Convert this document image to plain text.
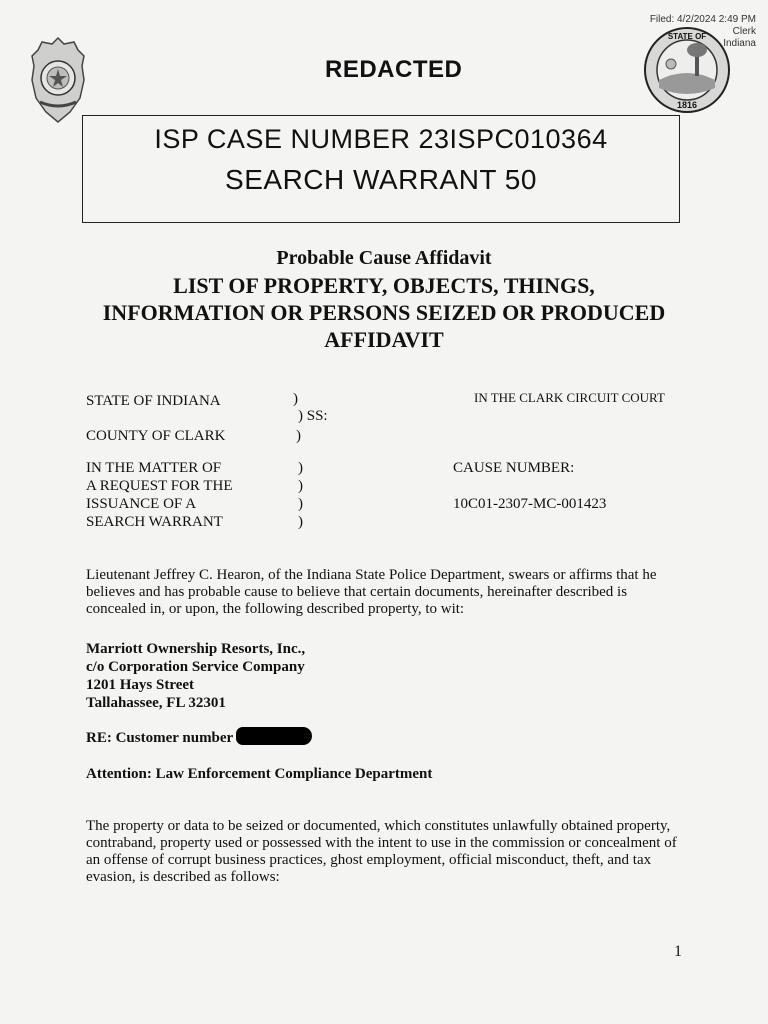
Filed: 4/2/2024 2:49 PM
Clerk
Indiana
STATE OF
1816
REDACTED
ISP CASE NUMBER 23ISPC010364
SEARCH WARRANT 50
Probable Cause Affidavit
LIST OF PROPERTY, OBJECTS, THINGS,
INFORMATION OR PERSONS SEIZED OR PRODUCED
AFFIDAVIT
STATE OF INDIANA	)
) SS:
COUNTY OF CLARK	)
IN THE CLARK CIRCUIT COURT
IN THE MATTER OF
A REQUEST FOR THE
ISSUANCE OF A
SEARCH WARRANT
)
)
)
)
CAUSE NUMBER:
10C01-2307-MC-001423
Lieutenant Jeffrey C. Hearon, of the Indiana State Police Department, swears or affirms that he believes and has probable cause to believe that certain documents, hereinafter described is concealed in, or upon, the following described property, to wit:
Marriott Ownership Resorts, Inc.,
c/o Corporation Service Company
1201 Hays Street
Tallahassee, FL 32301
RE: Customer number
Attention: Law Enforcement Compliance Department
The property or data to be seized or documented, which constitutes unlawfully obtained property, contraband, property used or possessed with the intent to use in the commission or concealment of an offense of corrupt business practices, ghost employment, official misconduct, theft, and tax evasion, is described as follows:
1
